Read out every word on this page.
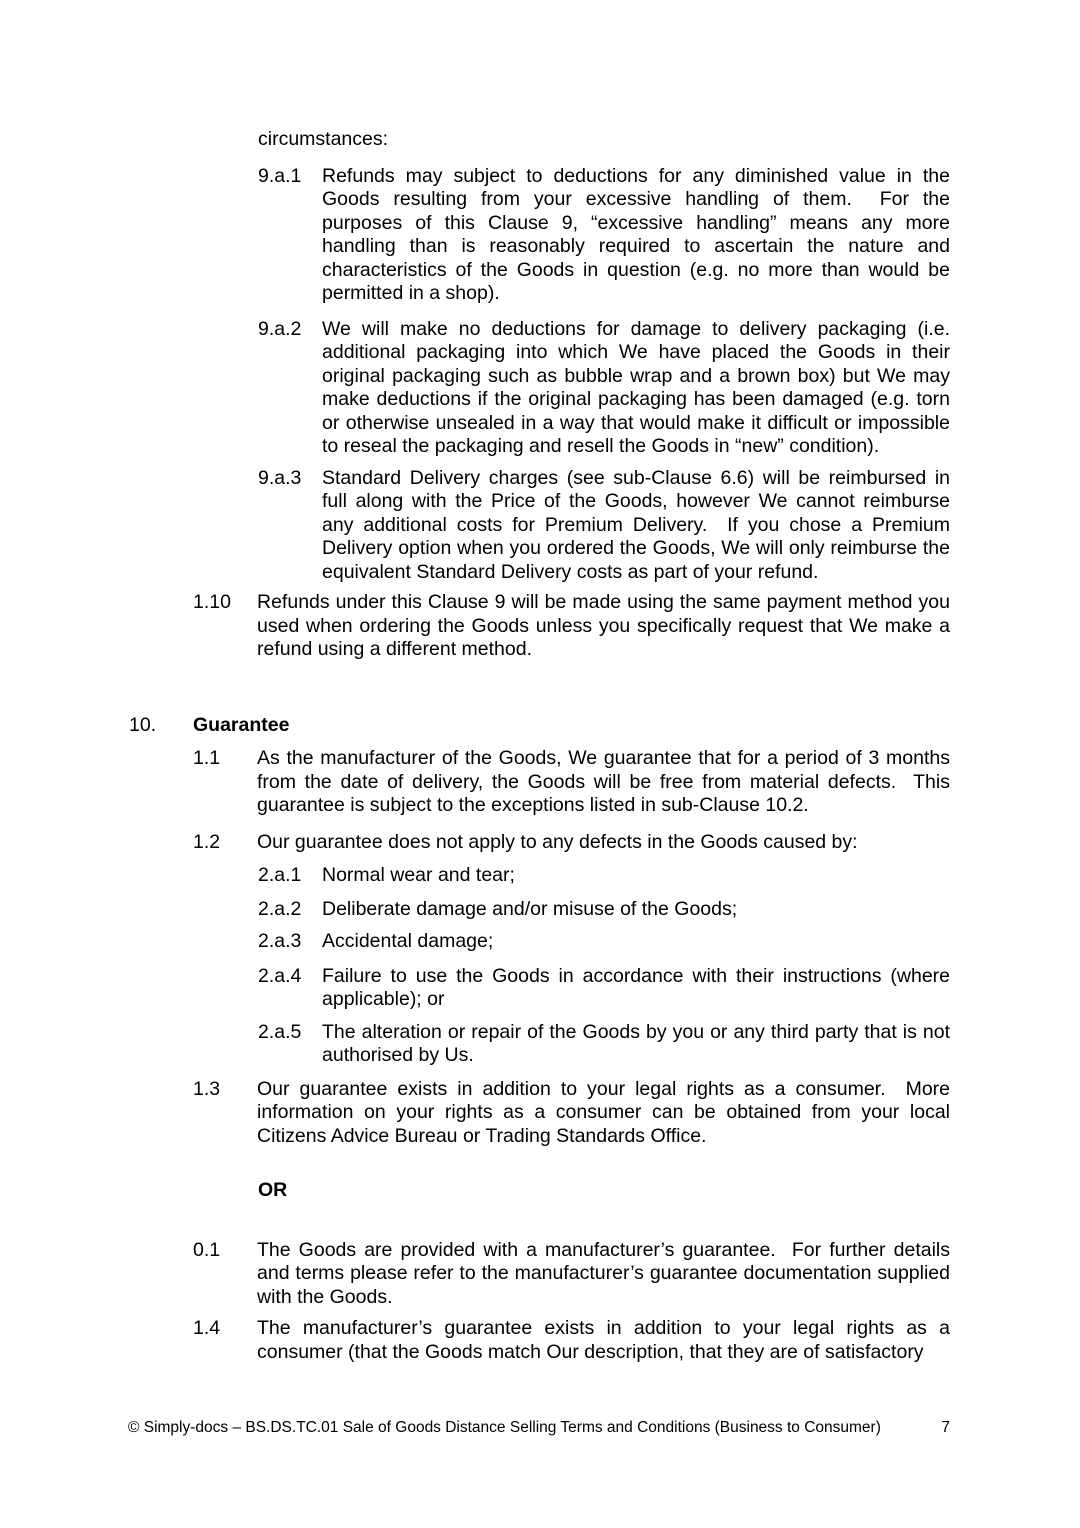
circumstances:

9.a.1	Refunds may subject to deductions for any diminished value in the Goods resulting from your excessive handling of them.  For the purposes of this Clause 9, “excessive handling” means any more handling than is reasonably required to ascertain the nature and characteristics of the Goods in question (e.g. no more than would be permitted in a shop).

9.a.2	We will make no deductions for damage to delivery packaging (i.e. additional packaging into which We have placed the Goods in their original packaging such as bubble wrap and a brown box) but We may make deductions if the original packaging has been damaged (e.g. torn or otherwise unsealed in a way that would make it difficult or impossible to reseal the packaging and resell the Goods in “new” condition).

9.a.3	Standard Delivery charges (see sub-Clause 6.6) will be reimbursed in full along with the Price of the Goods, however We cannot reimburse any additional costs for Premium Delivery.  If you chose a Premium Delivery option when you ordered the Goods, We will only reimburse the equivalent Standard Delivery costs as part of your refund.

1.10	Refunds under this Clause 9 will be made using the same payment method you used when ordering the Goods unless you specifically request that We make a refund using a different method.

10.	Guarantee

1.1	As the manufacturer of the Goods, We guarantee that for a period of 3 months from the date of delivery, the Goods will be free from material defects.  This guarantee is subject to the exceptions listed in sub-Clause 10.2.

1.2	Our guarantee does not apply to any defects in the Goods caused by:

2.a.1	Normal wear and tear;

2.a.2	Deliberate damage and/or misuse of the Goods;

2.a.3	Accidental damage;

2.a.4	Failure to use the Goods in accordance with their instructions (where applicable); or

2.a.5	The alteration or repair of the Goods by you or any third party that is not authorised by Us.

1.3	Our guarantee exists in addition to your legal rights as a consumer.  More information on your rights as a consumer can be obtained from your local Citizens Advice Bureau or Trading Standards Office.

OR

0.1	The Goods are provided with a manufacturer’s guarantee.  For further details and terms please refer to the manufacturer’s guarantee documentation supplied with the Goods.

1.4	The manufacturer’s guarantee exists in addition to your legal rights as a consumer (that the Goods match Our description, that they are of satisfactory

© Simply-docs – BS.DS.TC.01 Sale of Goods Distance Selling Terms and Conditions (Business to Consumer)	7
